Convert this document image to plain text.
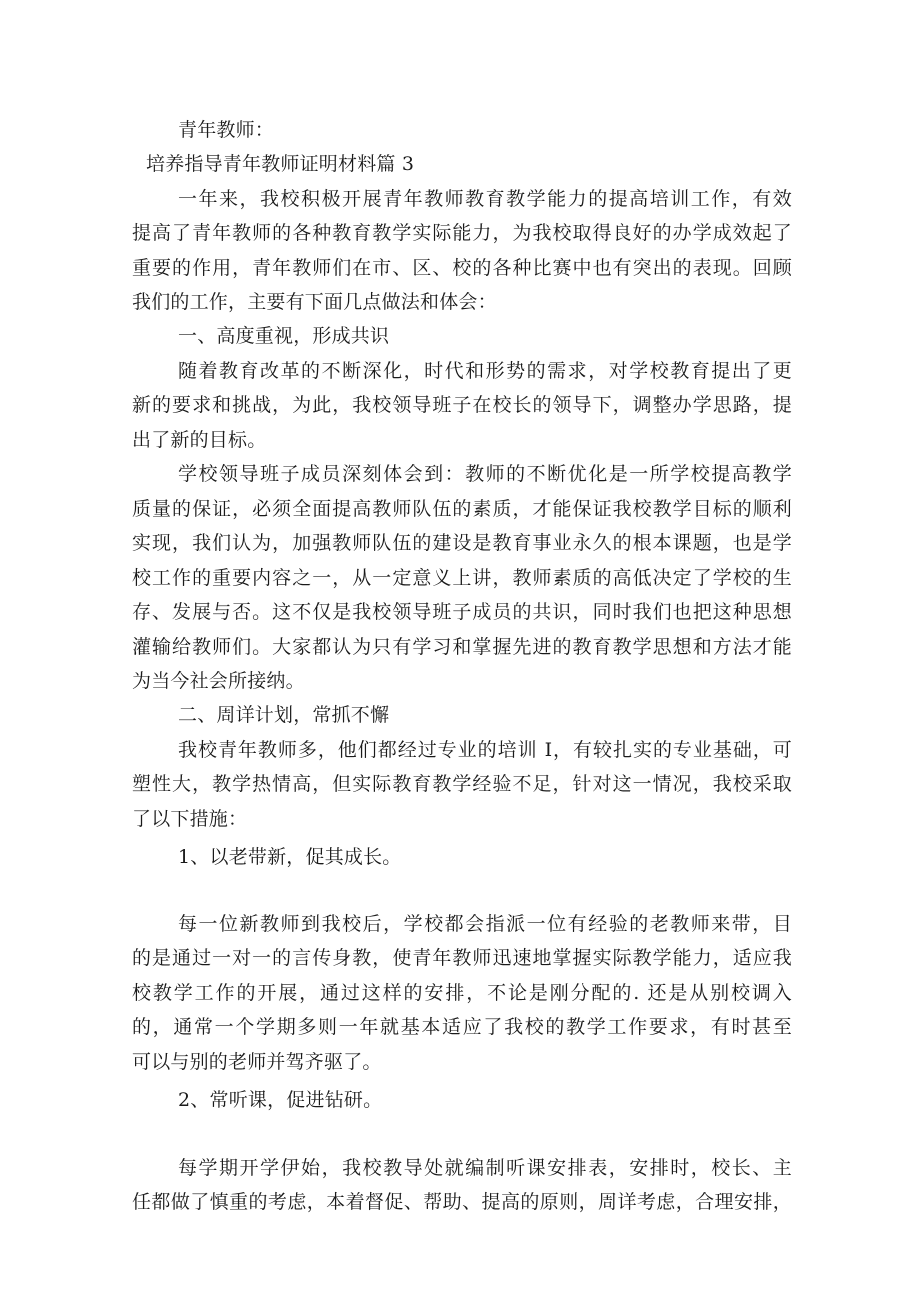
青年教师：
培养指导青年教师证明材料篇 3
一年来，我校积极开展青年教师教育教学能力的提高培训工作，有效
提高了青年教师的各种教育教学实际能力，为我校取得良好的办学成效起了
重要的作用，青年教师们在市、区、校的各种比赛中也有突出的表现。回顾
我们的工作，主要有下面几点做法和体会：
一、高度重视，形成共识
随着教育改革的不断深化，时代和形势的需求，对学校教育提出了更
新的要求和挑战，为此，我校领导班子在校长的领导下，调整办学思路，提
出了新的目标。
学校领导班子成员深刻体会到：教师的不断优化是一所学校提高教学
质量的保证，必须全面提高教师队伍的素质，才能保证我校教学目标的顺利
实现，我们认为，加强教师队伍的建设是教育事业永久的根本课题，也是学
校工作的重要内容之一，从一定意义上讲，教师素质的高低决定了学校的生
存、发展与否。这不仅是我校领导班子成员的共识，同时我们也把这种思想
灌输给教师们。大家都认为只有学习和掌握先进的教育教学思想和方法才能
为当今社会所接纳。
二、周详计划，常抓不懈
我校青年教师多，他们都经过专业的培训 I，有较扎实的专业基础，可
塑性大，教学热情高，但实际教育教学经验不足，针对这一情况，我校采取
了以下措施：
1、以老带新，促其成长。
每一位新教师到我校后，学校都会指派一位有经验的老教师来带，目
的是通过一对一的言传身教，使青年教师迅速地掌握实际教学能力，适应我
校教学工作的开展，通过这样的安排，不论是刚分配的. 还是从别校调入
的，通常一个学期多则一年就基本适应了我校的教学工作要求，有时甚至
可以与别的老师并驾齐驱了。
2、常听课，促进钻研。
每学期开学伊始，我校教导处就编制听课安排表，安排时，校长、主
任都做了慎重的考虑，本着督促、帮助、提高的原则，周详考虑，合理安排，
